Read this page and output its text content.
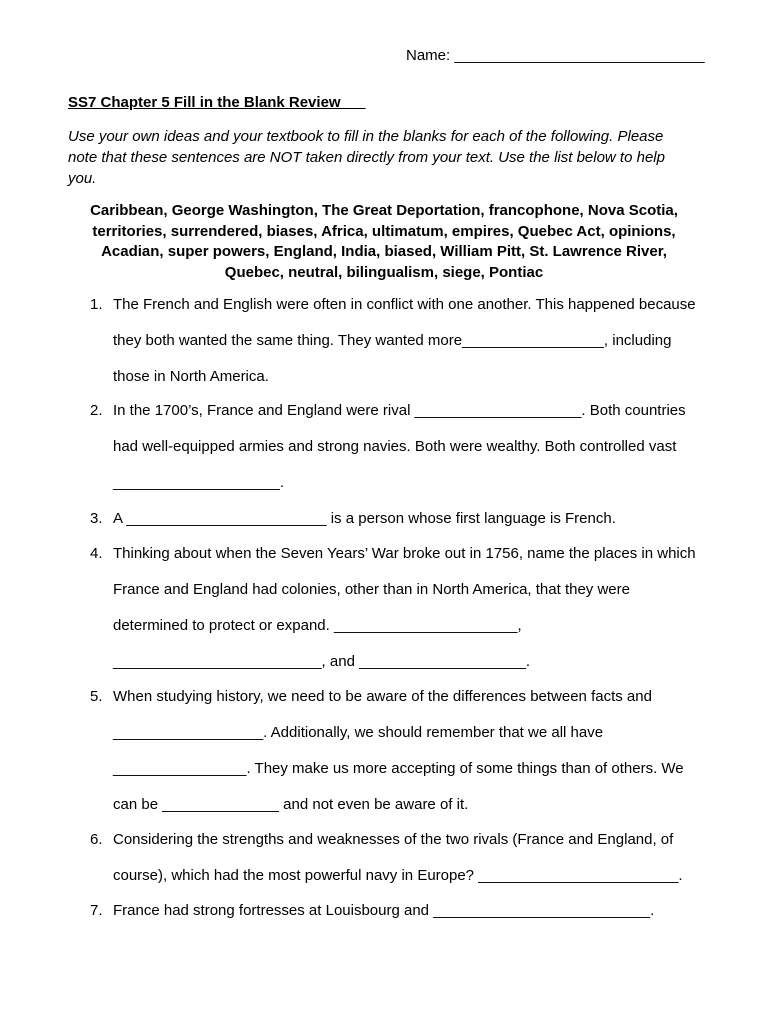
Name: ______________________________
SS7 Chapter 5 Fill in the Blank Review
Use your own ideas and your textbook to fill in the blanks for each of the following. Please note that these sentences are NOT taken directly from your text. Use the list below to help you.
Caribbean, George Washington, The Great Deportation, francophone, Nova Scotia, territories, surrendered, biases, Africa, ultimatum, empires, Quebec Act, opinions, Acadian, super powers, England, India, biased, William Pitt, St. Lawrence River, Quebec, neutral, bilingualism, siege, Pontiac
1. The French and English were often in conflict with one another. This happened because they both wanted the same thing. They wanted more_________________, including those in North America.
2. In the 1700’s, France and England were rival ____________________. Both countries had well-equipped armies and strong navies. Both were wealthy. Both controlled vast ____________________.
3. A ________________________ is a person whose first language is French.
4. Thinking about when the Seven Years’ War broke out in 1756, name the places in which France and England had colonies, other than in North America, that they were determined to protect or expand. ______________________, _________________________, and ____________________.
5. When studying history, we need to be aware of the differences between facts and __________________. Additionally, we should remember that we all have ________________. They make us more accepting of some things than of others. We can be ______________ and not even be aware of it.
6. Considering the strengths and weaknesses of the two rivals (France and England, of course), which had the most powerful navy in Europe? ________________________.
7. France had strong fortresses at Louisbourg and __________________________.
